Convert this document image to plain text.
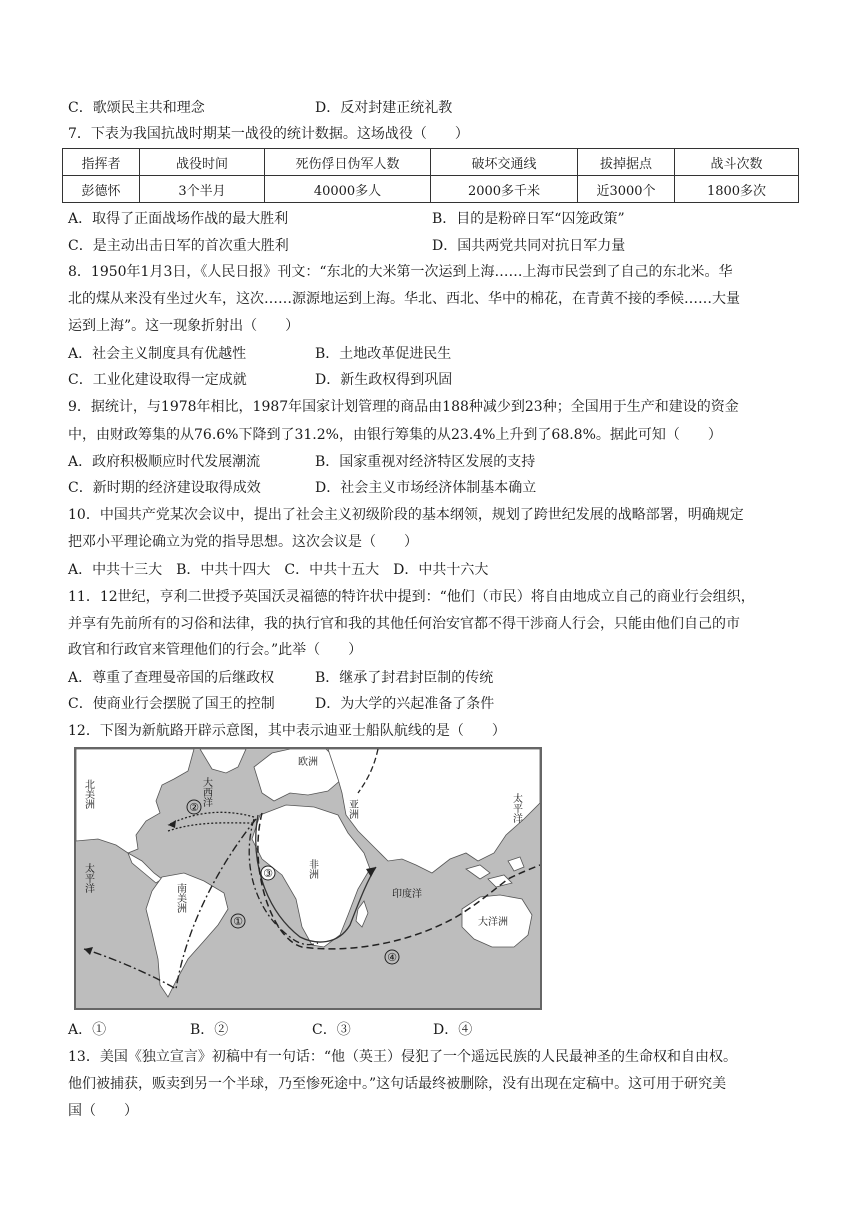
C．歌颂民主共和理念	D．反对封建正统礼教
7．下表为我国抗战时期某一战役的统计数据。这场战役（　　）
指挥者	战役时间	死伤俘日伪军人数	破坏交通线	拔掉据点	战斗次数
彭德怀	3个半月	40000多人	2000多千米	近3000个	1800多次
A．取得了正面战场作战的最大胜利	B．目的是粉碎日军“囚笼政策”
C．是主动出击日军的首次重大胜利	D．国共两党共同对抗日军力量
8．1950年1月3日，《人民日报》刊文：“东北的大米第一次运到上海……上海市民尝到了自己的东北米。华
北的煤从来没有坐过火车，这次……源源地运到上海。华北、西北、华中的棉花，在青黄不接的季候……大量
运到上海”。这一现象折射出（　　）
A．社会主义制度具有优越性	B．土地改革促进民生
C．工业化建设取得一定成就	D．新生政权得到巩固
9．据统计，与1978年相比，1987年国家计划管理的商品由188种减少到23种；全国用于生产和建设的资金
中，由财政筹集的从76.6%下降到了31.2%，由银行筹集的从23.4%上升到了68.8%。据此可知（　　）
A．政府积极顺应时代发展潮流	B．国家重视对经济特区发展的支持
C．新时期的经济建设取得成效	D．社会主义市场经济体制基本确立
10．中国共产党某次会议中，提出了社会主义初级阶段的基本纲领，规划了跨世纪发展的战略部署，明确规定
把邓小平理论确立为党的指导思想。这次会议是（　　）
A．中共十三大　B．中共十四大　C．中共十五大　D．中共十六大
11．12世纪，亨利二世授予英国沃灵福德的特许状中提到：“他们（市民）将自由地成立自己的商业行会组织，
并享有先前所有的习俗和法律，我的执行官和我的其他任何治安官都不得干涉商人行会，只能由他们自己的市
政官和行政官来管理他们的行会。”此举（　　）
A．尊重了查理曼帝国的后继政权	B．继承了封君封臣制的传统
C．使商业行会摆脱了国王的控制	D．为大学的兴起准备了条件
12．下图为新航路开辟示意图，其中表示迪亚士船队航线的是（　　）
北美洲	大西洋
欧洲
亚洲	太平洋
非洲
南美洲
太平洋
印度洋
大洋洲
①
②
③
④
A．①	B．②	C．③	D．④
13．美国《独立宣言》初稿中有一句话：“他（英王）侵犯了一个遥远民族的人民最神圣的生命权和自由权。
他们被捕获，贩卖到另一个半球，乃至惨死途中。”这句话最终被删除，没有出现在定稿中。这可用于研究美
国（　　）
